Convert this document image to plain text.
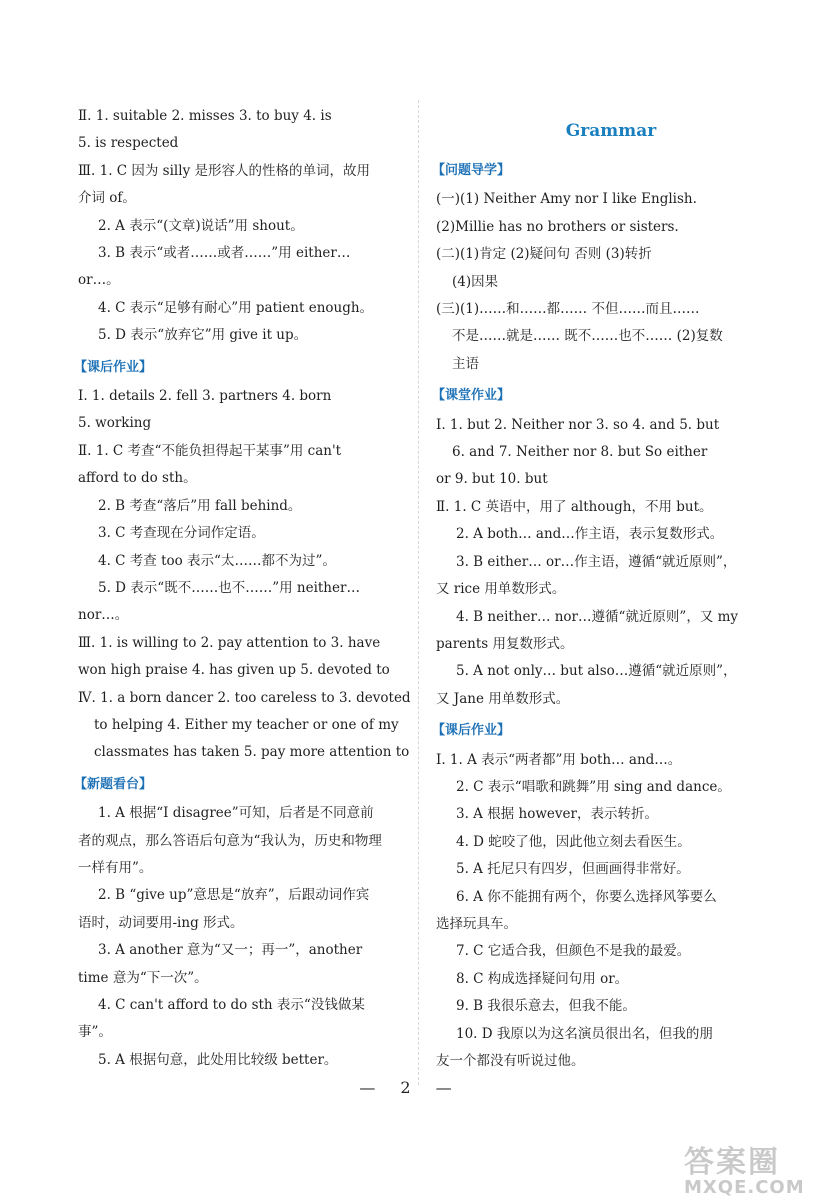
Ⅱ. 1. suitable 2. misses 3. to buy 4. is
5. is respected
Ⅲ. 1. C 因为 silly 是形容人的性格的单词，故用
介词 of。
2. A 表示“(文章)说话”用 shout。
3. B 表示“或者……或者……”用 either…
or…。
4. C 表示“足够有耐心”用 patient enough。
5. D 表示“放弃它”用 give it up。
【课后作业】
Ⅰ. 1. details 2. fell 3. partners 4. born
5. working
Ⅱ. 1. C 考查“不能负担得起干某事”用 can't
afford to do sth。
2. B 考查“落后”用 fall behind。
3. C 考查现在分词作定语。
4. C 考查 too 表示“太……都不为过”。
5. D 表示“既不……也不……”用 neither…
nor…。
Ⅲ. 1. is willing to 2. pay attention to 3. have
won high praise 4. has given up 5. devoted to
Ⅳ. 1. a born dancer 2. too careless to 3. devoted
to helping 4. Either my teacher or one of my
classmates has taken 5. pay more attention to
【新题看台】
1. A 根据“I disagree”可知，后者是不同意前
者的观点，那么答语后句意为“我认为，历史和物理
一样有用”。
2. B “give up”意思是“放弃”，后跟动词作宾
语时，动词要用-ing 形式。
3. A another 意为“又一；再一”，another
time 意为“下一次”。
4. C can't afford to do sth 表示“没钱做某
事”。
5. A 根据句意，此处用比较级 better。
Grammar
【问题导学】
(一)(1) Neither Amy nor I like English.
(2)Millie has no brothers or sisters.
(二)(1)肯定 (2)疑问句 否则 (3)转折
(4)因果
(三)(1)……和……都…… 不但……而且……
不是……就是…… 既不……也不…… (2)复数
主语
【课堂作业】
Ⅰ. 1. but 2. Neither nor 3. so 4. and 5. but
6. and 7. Neither nor 8. but So either
or 9. but 10. but
Ⅱ. 1. C 英语中，用了 although，不用 but。
2. A both… and…作主语，表示复数形式。
3. B either… or…作主语，遵循“就近原则”，
又 rice 用单数形式。
4. B neither… nor…遵循“就近原则”，又 my
parents 用复数形式。
5. A not only… but also…遵循“就近原则”，
又 Jane 用单数形式。
【课后作业】
Ⅰ. 1. A 表示“两者都”用 both… and…。
2. C 表示“唱歌和跳舞”用 sing and dance。
3. A 根据 however，表示转折。
4. D 蛇咬了他，因此他立刻去看医生。
5. A 托尼只有四岁，但画画得非常好。
6. A 你不能拥有两个，你要么选择风筝要么
选择玩具车。
7. C 它适合我，但颜色不是我的最爱。
8. C 构成选择疑问句用 or。
9. B 我很乐意去，但我不能。
10. D 我原以为这名演员很出名，但我的朋
友一个都没有听说过他。
— 2 —
答案圈
MXQE.COM
